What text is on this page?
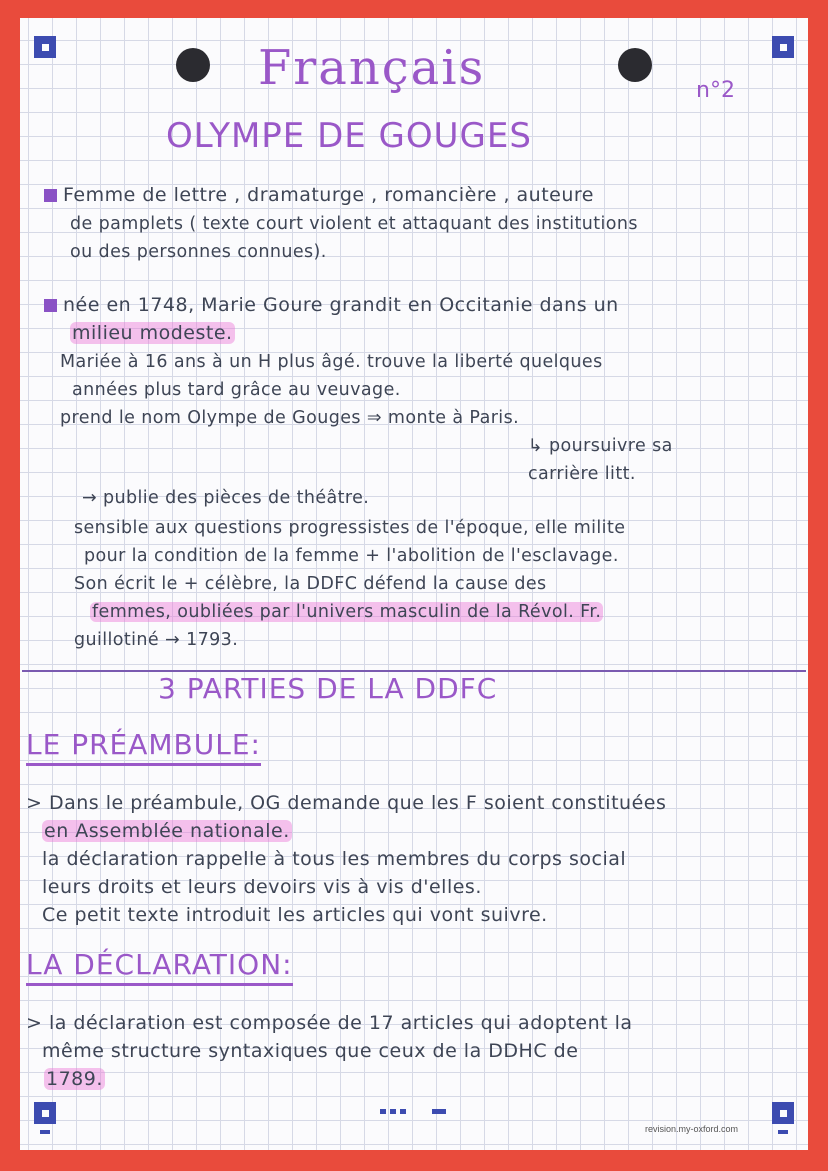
Français	n°2
OLYMPE DE GOUGES
Femme de lettre , dramaturge , romancière , auteure
de pamplets ( texte court violent et attaquant des institutions
ou des personnes connues).
née en 1748, Marie Goure grandit en Occitanie dans un
milieu modeste.
Mariée à 16 ans à un H plus âgé. trouve la liberté quelques
années plus tard grâce au veuvage.
prend le nom Olympe de Gouges ⇒ monte à Paris.
↳ poursuivre sa
carrière litt.
→ publie des pièces de théâtre.
sensible aux questions progressistes de l'époque, elle milite
pour la condition de la femme + l'abolition de l'esclavage.
Son écrit le + célèbre, la DDFC défend la cause des
femmes, oubliées par l'univers masculin de la Révol. Fr.
guillotiné → 1793.
3 PARTIES DE LA DDFC
LE PRÉAMBULE:
> Dans le préambule, OG demande que les F soient constituées
en Assemblée nationale.
la déclaration rappelle à tous les membres du corps social
leurs droits et leurs devoirs vis à vis d'elles.
Ce petit texte introduit les articles qui vont suivre.
LA DÉCLARATION:
> la déclaration est composée de 17 articles qui adoptent la
même structure syntaxiques que ceux de la DDHC de
1789.
revision.my-oxford.com
